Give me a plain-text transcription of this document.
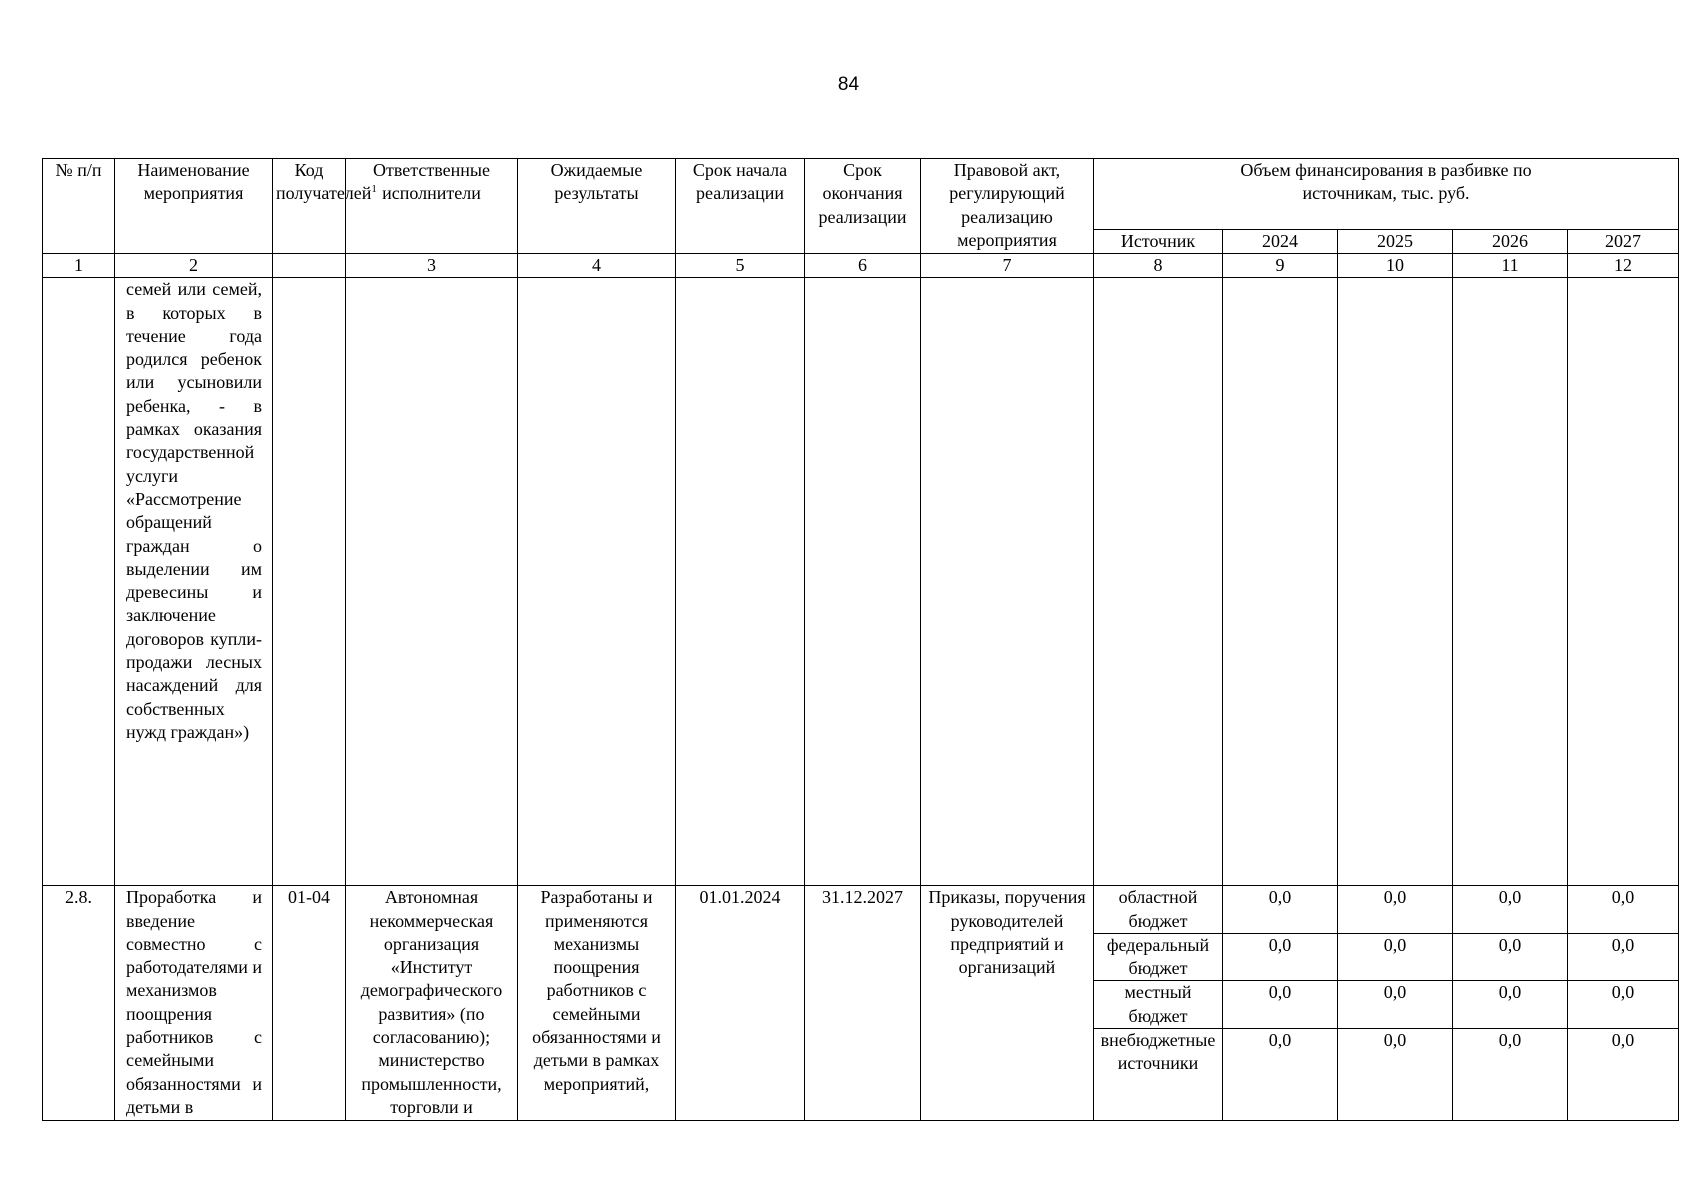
84
№ п/п	Наименование мероприятия	Код получателей$^1$	Ответственные исполнители	Ожидаемые результаты	Срок начала реализации	Срок окончания реализации	Правовой акт, регулирующий реализацию мероприятия	Объем финансирования в разбивке по источникам, тыс. руб.				
								Источник	2024	2025	2026	2027
1	2		3	4	5	6	7	8	9	10	11	12
	семей или семей, в которых в течение года родился ребенок или усыновили ребенка, - в рамках оказания государственной услуги «Рассмотрение обращений граждан о выделении им древесины и заключение договоров купли-продажи лесных насаждений для собственных нужд граждан»)											
2.8.	Проработка и введение совместно с работодателями и механизмов поощрения работников с семейными обязанностями и детьми в	01-04	Автономная некоммерческая организация «Институт демографического развития» (по согласованию); министерство промышленности, торговли и	Разработаны и применяются механизмы поощрения работников с семейными обязанностями и детьми в рамках мероприятий,	01.01.2024	31.12.2027	Приказы, поручения руководителей предприятий и организаций	областной бюджет	0,0	0,0	0,0	0,0
								федеральный бюджет	0,0	0,0	0,0	0,0
								местный бюджет	0,0	0,0	0,0	0,0
								внебюджетные источники	0,0	0,0	0,0	0,0
